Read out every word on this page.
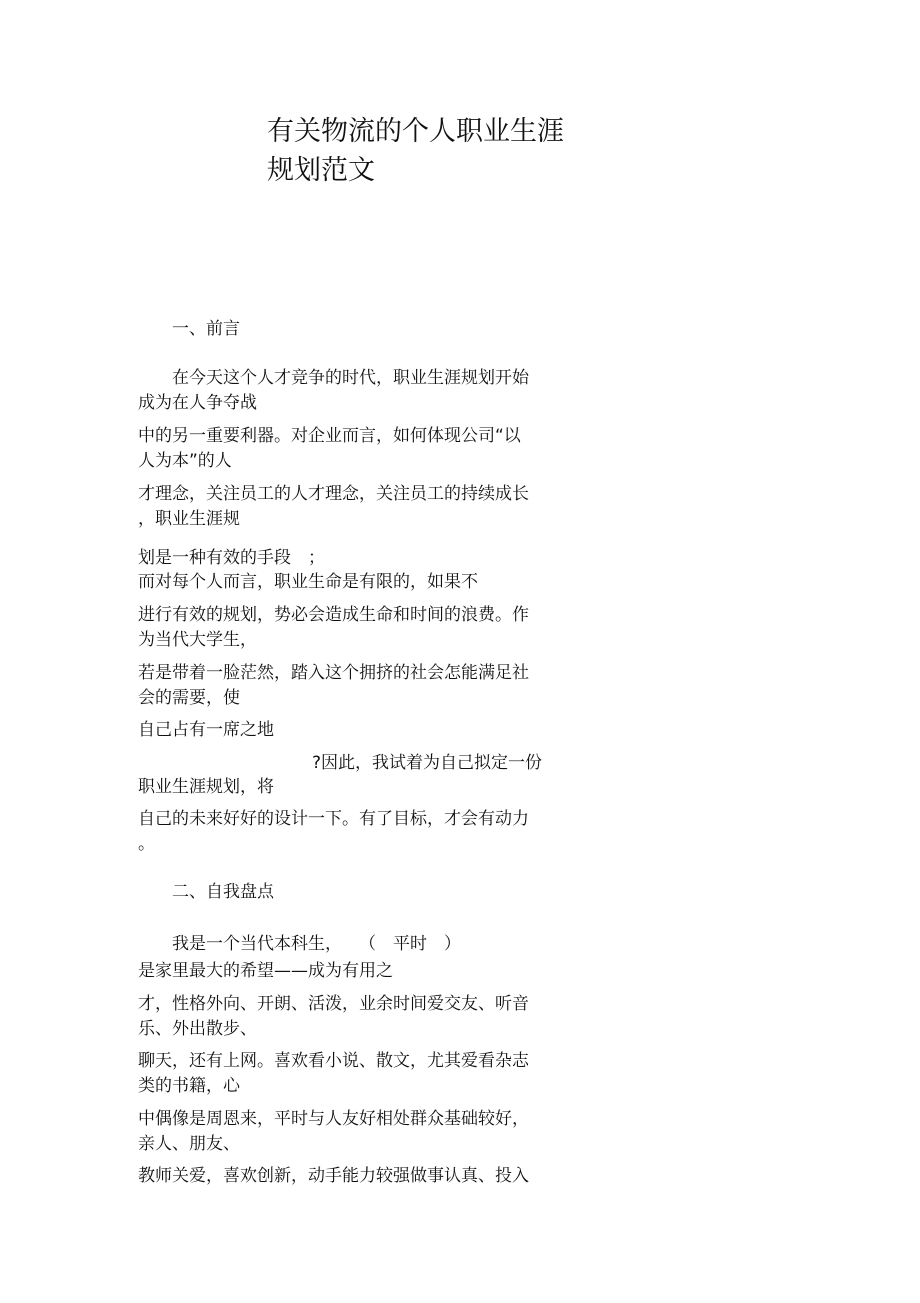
有关物流的个人职业生涯
规划范文
一、前言
在今天这个人才竞争的时代，职业生涯规划开始
成为在人争夺战
中的另一重要利器。对企业而言，如何体现公司“以
人为本”的人
才理念，关注员工的人才理念，关注员工的持续成长
，职业生涯规
划是一种有效的手段　；
而对每个人而言，职业生命是有限的，如果不
进行有效的规划，势必会造成生命和时间的浪费。作
为当代大学生，
若是带着一脸茫然，踏入这个拥挤的社会怎能满足社
会的需要，使
自己占有一席之地
?因此，我试着为自己拟定一份
职业生涯规划，将
自己的未来好好的设计一下。有了目标，才会有动力
。
二、自我盘点
我是一个当代本科生，　　（　平时　）
是家里最大的希望——成为有用之
才，性格外向、开朗、活泼，业余时间爱交友、听音
乐、外出散步、
聊天，还有上网。喜欢看小说、散文，尤其爱看杂志
类的书籍，心
中偶像是周恩来，平时与人友好相处群众基础较好，
亲人、朋友、
教师关爱，喜欢创新，动手能力较强做事认真、投入
